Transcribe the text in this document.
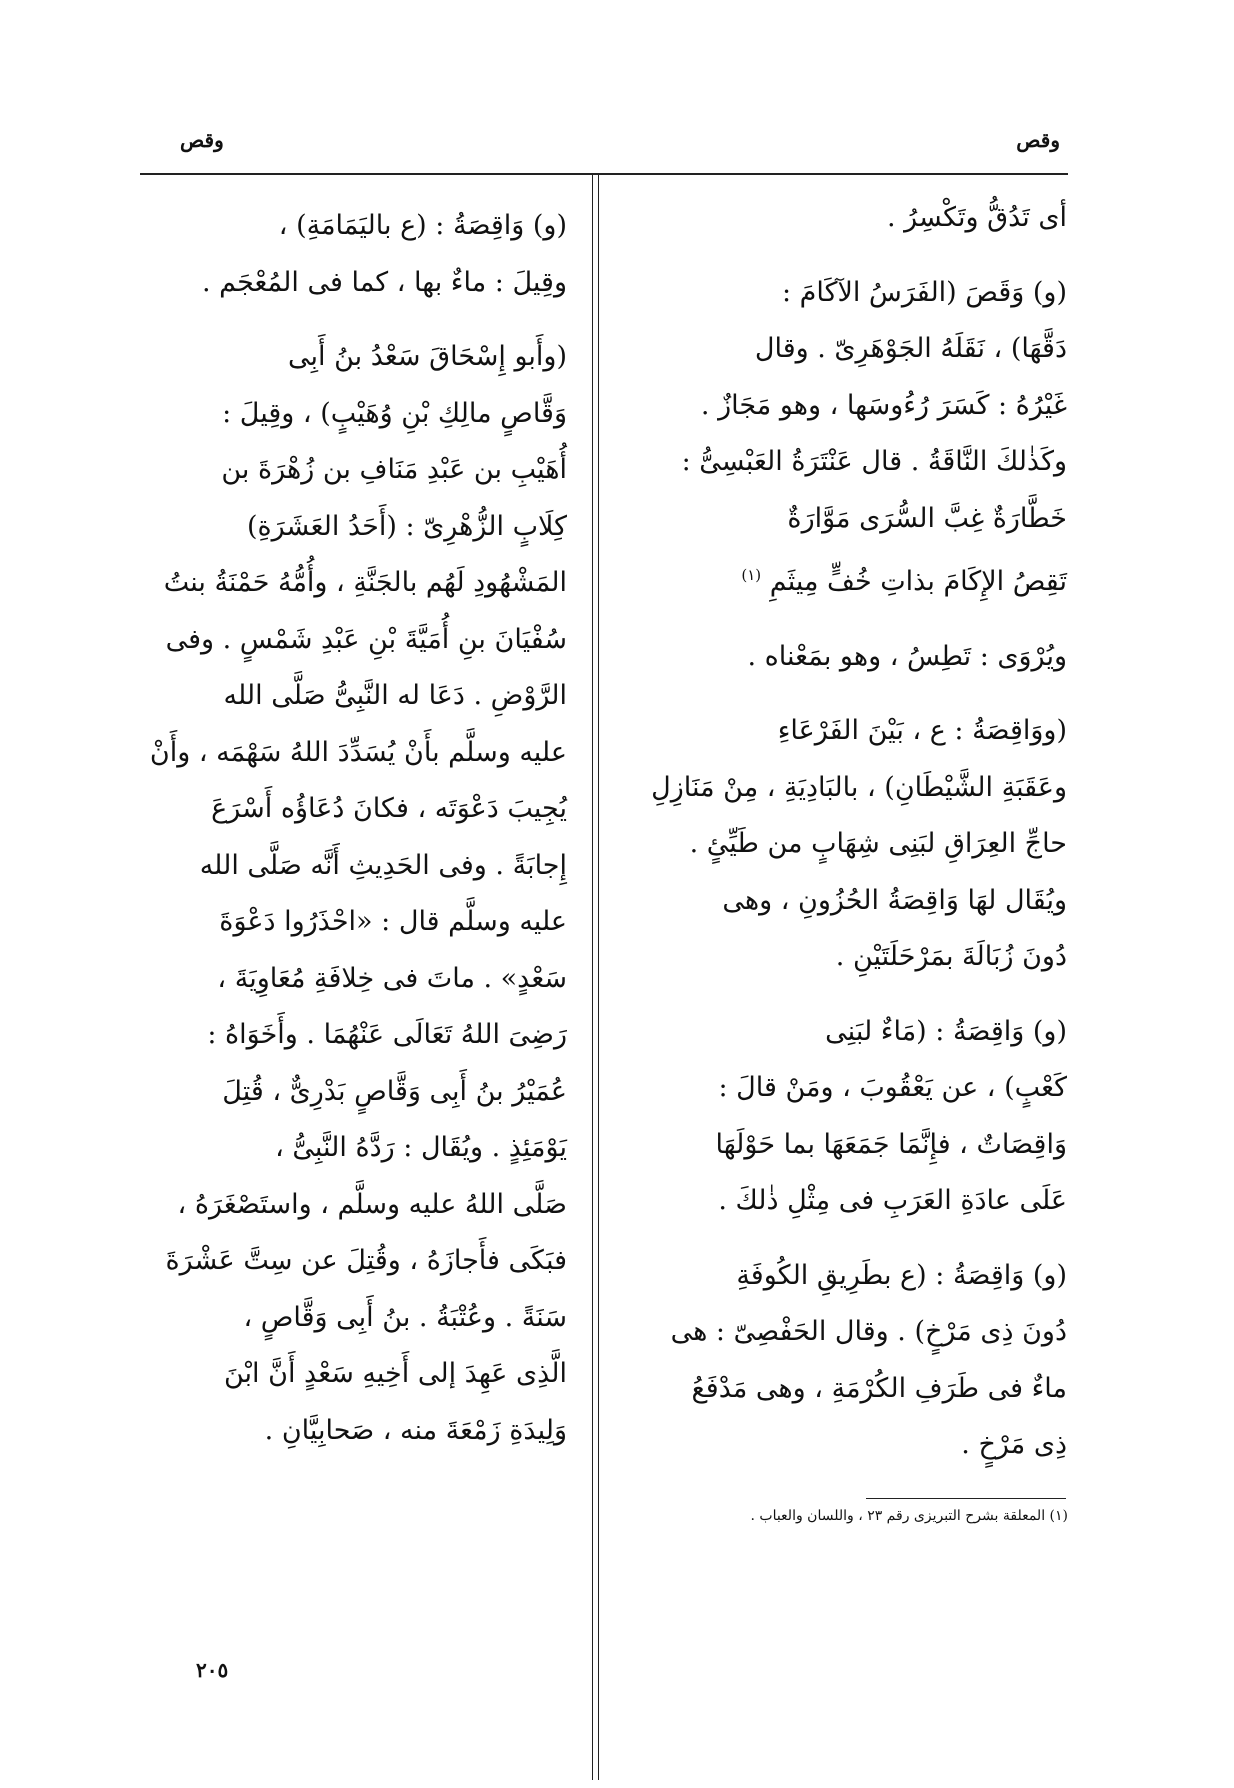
وقص
وقص
أى تَدُقُّ وتَكْسِرُ .
(و) وَقَصَ (الفَرَسُ الآكَامَ :
دَقَّهَا) ، نَقَلَهُ الجَوْهَرِىّ . وقال
غَيْرُهُ : كَسَرَ رُءُوسَها ، وهو مَجَازٌ .
وكَذٰلكَ النَّاقَةُ . قال عَنْتَرَةُ العَبْسِىُّ :
خَطَّارَةٌ غِبَّ السُّرَى مَوَّارَةٌ
تَقِصُ الإِكَامَ بذاتِ خُفٍّ مِيثَمِ $^{(١)}$
ويُرْوَى : تَطِسُ ، وهو بمَعْناه .
(ووَاقِصَةُ : ع ، بَيْنَ الفَرْعَاءِ
وعَقَبَةِ الشَّيْطَانِ) ، بالبَادِيَةِ ، مِنْ مَنَازِلِ
حاجِّ العِرَاقِ لبَنِى شِهَابٍ من طَيِّئٍ .
ويُقَال لهَا وَاقِصَةُ الحُزُونِ ، وهى
دُونَ زُبَالَةَ بمَرْحَلَتَيْنِ .
(و) وَاقِصَةُ : (مَاءٌ لبَنِى
كَعْبٍ) ، عن يَعْقُوبَ ، ومَنْ قالَ :
وَاقِصَاتٌ ، فإِنَّمَا جَمَعَهَا بما حَوْلَهَا
عَلَى عادَةِ العَرَبِ فى مِثْلِ ذٰلكَ .
(و) وَاقِصَةُ : (ع بطَرِيقِ الكُوفَةِ
دُونَ ذِى مَرْخٍ) . وقال الحَفْصِىّ : هى
ماءٌ فى طَرَفِ الكُرْمَةِ ، وهى مَدْفَعُ
ذِى مَرْخٍ .
(١) المعلقة بشرح التبريزى رقم ٢٣ ، واللسان والعباب .
(و) وَاقِصَةُ : (ع باليَمَامَةِ) ،
وقِيلَ : ماءٌ بها ، كما فى المُعْجَم .
(وأَبو إِسْحَاقَ سَعْدُ بنُ أَبِى
وَقَّاصٍ مالِكِ بْنِ وُهَيْبٍ) ، وقِيلَ :
أُهَيْبِ بن عَبْدِ مَنَافِ بن زُهْرَةَ بن
كِلَابٍ الزُّهْرِىّ : (أَحَدُ العَشَرَةِ)
المَشْهُودِ لَهُم بالجَنَّةِ ، وأُمُّهُ حَمْنَةُ بنتُ
سُفْيَانَ بنِ أُمَيَّةَ بْنِ عَبْدِ شَمْسٍ . وفى
الرَّوْضِ . دَعَا له النَّبِىُّ صَلَّى الله
عليه وسلَّم بأَنْ يُسَدِّدَ اللهُ سَهْمَه ، وأَنْ
يُجِيبَ دَعْوَتَه ، فكانَ دُعَاؤُه أَسْرَعَ
إِجابَةً . وفى الحَدِيثِ أَنَّه صَلَّى الله
عليه وسلَّم قال : «احْذَرُوا دَعْوَةَ
سَعْدٍ» . ماتَ فى خِلافَةِ مُعَاوِيَةَ ،
رَضِىَ اللهُ تَعَالَى عَنْهُمَا . وأَخَوَاهُ :
عُمَيْرُ بنُ أَبِى وَقَّاصٍ بَدْرِىٌّ ، قُتِلَ
يَوْمَئِذٍ . ويُقَال : رَدَّهُ النَّبِىُّ ،
صَلَّى اللهُ عليه وسلَّم ، واستَصْغَرَهُ ،
فبَكَى فأَجازَهُ ، وقُتِلَ عن سِتَّ عَشْرَةَ
سَنَةً . وعُتْبَةُ . بنُ أَبِى وَقَّاصٍ ،
الَّذِى عَهِدَ إلى أَخِيهِ سَعْدٍ أَنَّ ابْنَ
وَلِيدَةِ زَمْعَةَ منه ، صَحابِيَّانِ .
٢٠٥
